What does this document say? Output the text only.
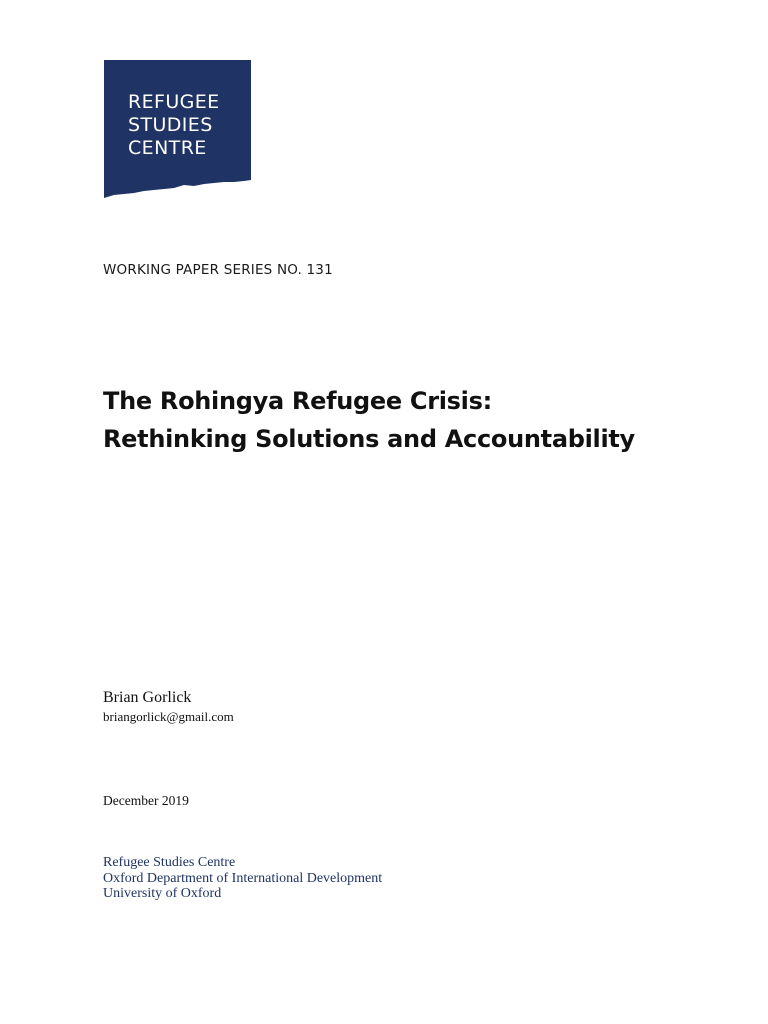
REFUGEE
STUDIES
CENTRE
WORKING PAPER SERIES NO. 131
The Rohingya Refugee Crisis:
Rethinking Solutions and Accountability
Brian Gorlick
briangorlick@gmail.com
December 2019
Refugee Studies Centre
Oxford Department of International Development
University of Oxford
